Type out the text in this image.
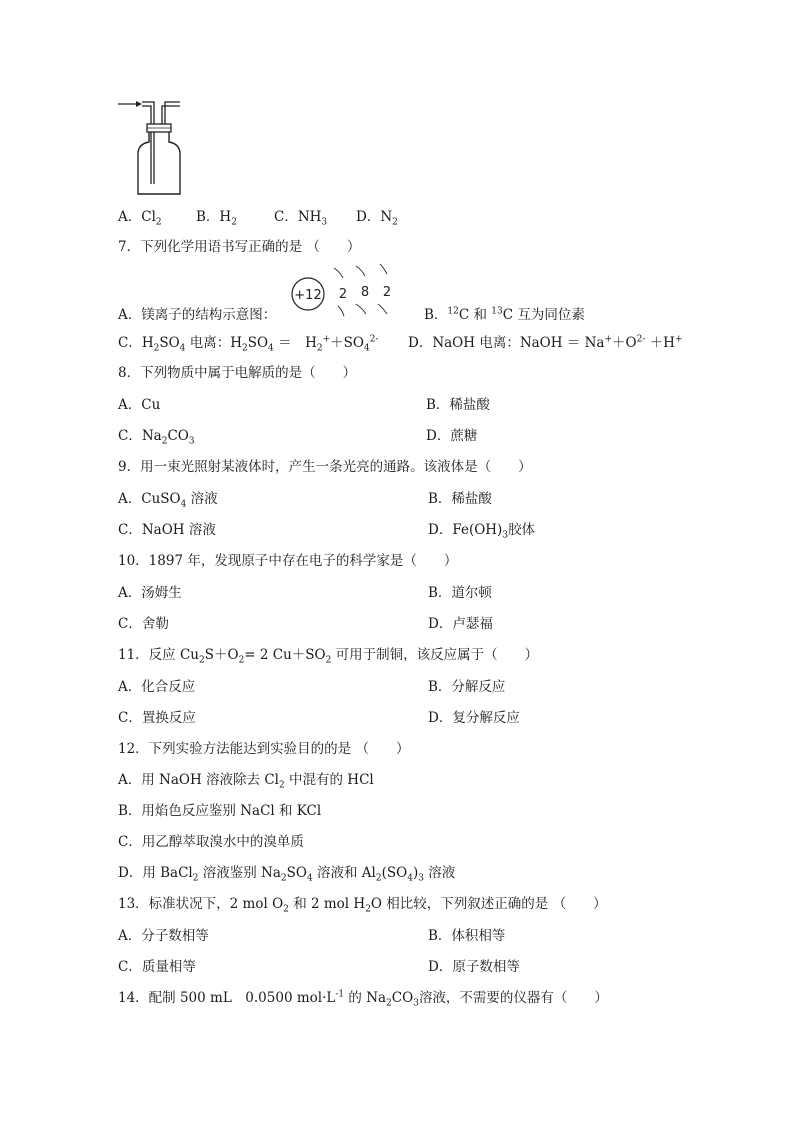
A．$Cl_2$	B．$H_2$	C．$NH_3$ D．$N_2$
7．下列化学用语书写正确的是 （　　）
+12 2 8 2
A．镁离子的结构示意图：	B．$^{12}$C 和 $^{13}$C 互为同位素
C．$H_2SO_4$ 电离：$H_2SO_4$ ＝　$H_2^++SO_4^{2-}$ D．NaOH 电离：NaOH ＝ $Na^++O^{2-} +H^+$
8．下列物质中属于电解质的是（　　）
A．Cu	B．稀盐酸
C．$Na_2CO_3$	D．蔗糖
9．用一束光照射某液体时，产生一条光亮的通路。该液体是（　　）
A．CuSO$_4$ 溶液	B．稀盐酸
C．NaOH 溶液	D．$Fe(OH)_3$胶体
10．1897 年，发现原子中存在电子的科学家是（　　）
A．汤姆生	B．道尔顿
C．舍勒	D．卢瑟福
11．反应 $Cu_2S+O_2= 2$ $Cu+SO_2$ 可用于制铜，该反应属于（　　）
A．化合反应	B．分解反应
C．置换反应	D．复分解反应
12．下列实验方法能达到实验目的的是 （　　）
A．用 NaOH 溶液除去 $Cl_2$ 中混有的 HCl
B．用焰色反应鉴别 NaCl 和 KCl
C．用乙醇萃取溴水中的溴单质
D．用 BaCl$_2$ 溶液鉴别 $Na_2SO_4$ 溶液和 $Al_2(SO_4)_3$ 溶液
13．标准状况下，2 mol $O_2$ 和 2 mol $H_2O$ 相比较，下列叙述正确的是 （　　）
A．分子数相等	B．体积相等
C．质量相等	D．原子数相等
14．配制 500 mL　0.0500 $mol\cdot L^{-1}$ 的 $Na_2CO_3$溶液，不需要的仪器有（　　）
